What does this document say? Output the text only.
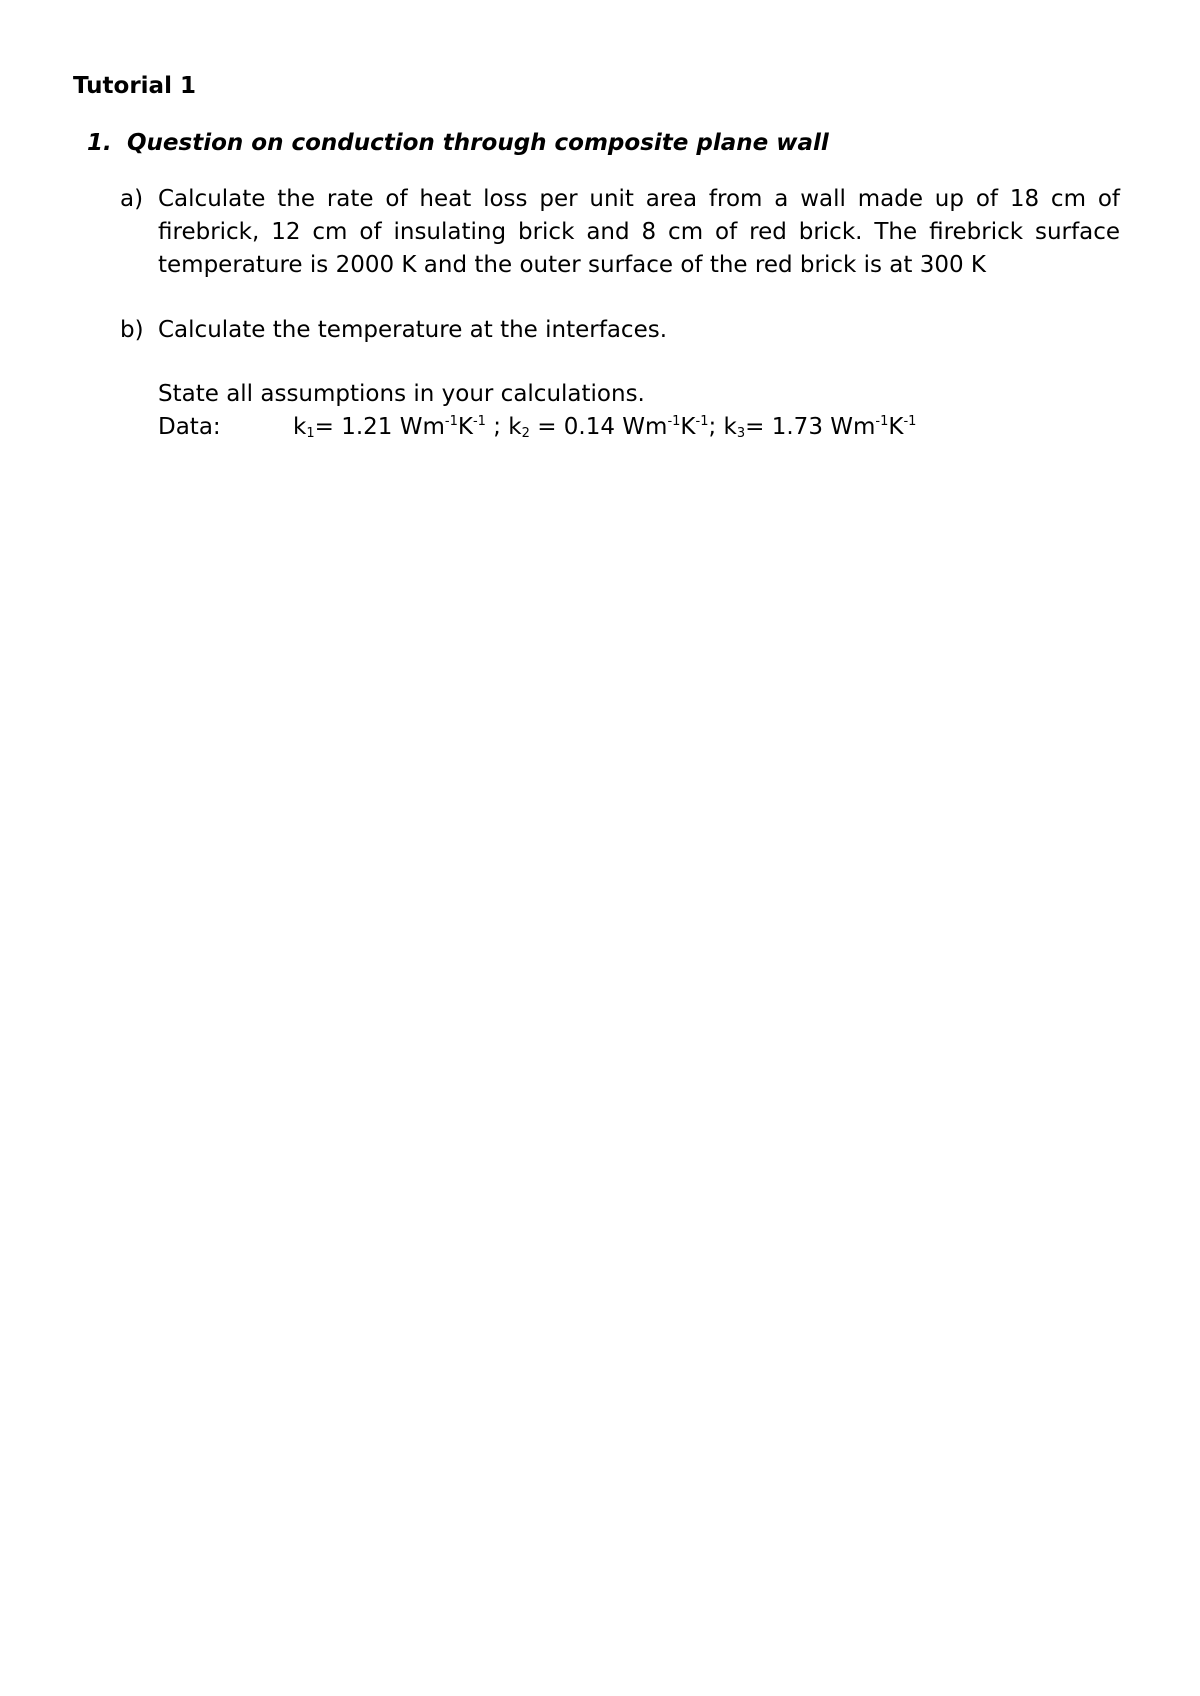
Tutorial 1
1. Question on conduction through composite plane wall
a) Calculate the rate of heat loss per unit area from a wall made up of 18 cm of firebrick, 12 cm of insulating brick and 8 cm of red brick. The firebrick surface temperature is 2000 K and the outer surface of the red brick is at 300 K
b) Calculate the temperature at the interfaces.
State all assumptions in your calculations.
Data:	$k_1= 1.21$ $Wm^{-1}K^{-1}$ ; $k_2 = 0.14$ $Wm^{-1}K^{-1}$; $k_3= 1.73$ $Wm^{-1}K^{-1}$
